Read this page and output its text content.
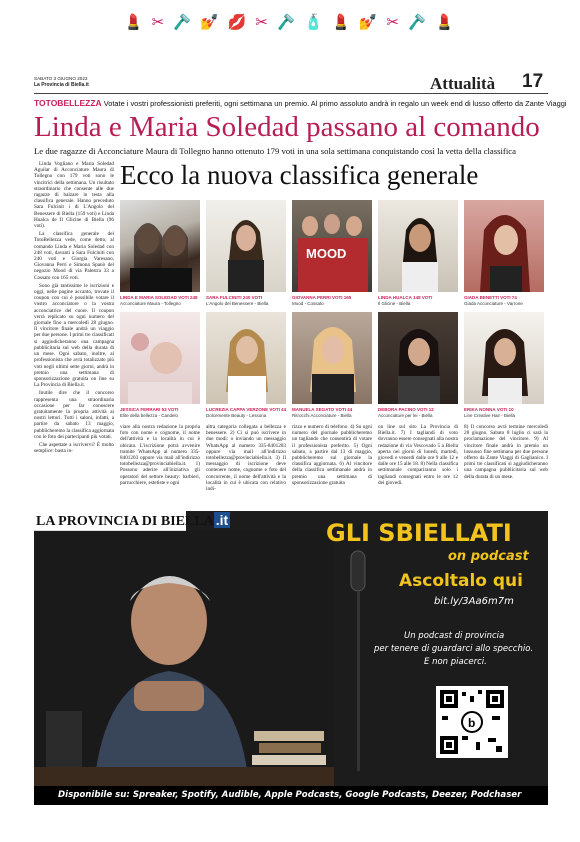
💄 ✂ 🪒 💅 💋 ✂ 🪒 🧴 💄 💅 ✂ 🪒 💄
SABATO 3 GIUGNO 2023
La Provincia di Biella.it	Attualità 17
TOTOBELLEZZA Votate i vostri professionisti preferiti, ogni settimana un premio. Al primo assoluto andrà in regalo un week end di lusso offerto da Zante Viaggi
Linda e Maria Soledad passano al comando
Le due ragazze di Acconciature Maura di Tollegno hanno ottenuto 179 voti in una sola settimana conquistando così la vetta della classifica

Linda Vogliano e Maria Soledad Aguilar di Acconciature Maura di Tollegno con 179 voti sono le vincitrici della settimana. Un risultato straordinario che consente alle due ragazze di balzare in testa alla classifica generale. Hanno preceduto Sara Fulcinit i di L'Angolo del Benessere di Biella (159 voti) e Linda Hualca de Il Glicine di Biella (96 voti).

La classifica generale del TotoBellezza vede, come detto, al comando Linda e Maria Soledad con 248 voti, davanti a Sara Fulciniti con 240 voti e Giorgia Varesano, Giovanna Perri e Simona Spanò del negozio Mood di via Palestra 33 a Cossato con 165 voti.

Sono già tantissime le iscrizioni e oggi, nelle pagine accanto, trovate il coupon con cui è possibile votare il vostro acconciatore o la vostra acconciatrice del cuore. Il coupon verrà replicato su ogni numero del giornale fino a mercoledì 28 giugno. Il vincitore finale andrà un viaggio per due persone. I primi tre classificati si aggiudicheranno una campagna pubblicitaria sul web della durata di un mese. Ogni sabato, inoltre, al professionista che avrà totalizzato più voti negli ultimi sette giorni, andrà in premio una settimana di sponsorizzazione gratuita on line su La Provincia di Biella.it.

Inutile dire che il concorso rappresenta una straordinaria occasione per far conoscere gratuitamente la propria attività ai nostri lettori. Tutti i saloni, infatti, a partire da sabato 13 maggio, pubblicheremo la classifica aggiornata con le foto dei partecipanti più votati.

Che aspettate a iscrivervi? È molto semplice: basta in-

Ecco la nuova classifica generale
MOOD
LINDA E MARIA SOLEDAD VOTI 248
Acconciature Maura - Tollegno
SARA FULCINITI 240 VOTI
L'Angolo del Benessere - Biella
GIOVANNA PERRI VOTI 165
Mood - Cossato
LINDA HUALCA 148 VOTI
Il Glicine - Biella
GIADA BENETTI VOTI 74
Giada Acconciature - Varrone
JESSICA FERRARI 53 VOTI
Elite della bellezza - Candelo
LUCREZIA CAPPA VERZONE VOTI 44
Dolcemente Beauty - Lessona
MANUELA SEGATO VOTI 44
Ritrocchi Acconciature - Biella
DEBORA PACINO VOTI 12
Acconciature per lei - Biella
ERIKA NONNA VOTI 10
Line Creative Hair - Biella

viare alla nostra redazione la propria foto con nome e cognome, il nome dell'attività e la località in cui è ubicata. L'iscrizione potrà avvenire tramite WhatsApp al numero 335-8401203 oppure via mail all'indirizzo totobellezza@provinciabiella.it. 1) Possono aderire all'iniziativa gli operatori del settore beauty: barbieri, parrucchiere, estetiste e ogni

altra categoria collegata a bellezza e benessere. 2) Ci si può iscrivere in due modi: o inviando un messaggio WhatsApp al numero 335-8401203 oppure via mail all'indirizzo totobellezza@provinciabiella.it. 3) Il messaggio di iscrizione deve contenere nome, cognome e foto del concorrente, il nome dell'attività e la località in cui è ubicata con relativo indi-

rizzo e numero di telefono. 4) Su ogni numero del giornale pubblicheremo un tagliando che consentirà di votare il professionista preferito. 5) Ogni sabato, a partire dal 13 di maggio, pubblicheremo sul giornale la classifica aggiornata. 6) Al vincitore della classifica settimanale andrà in premio una settimana di sponsorizzazione gratuita

on line sul sito La Provincia di Biella.it. 7) I tagliandi di voto dovranno essere consegnati alla nostra redazione di via Vescovado 5 a Biella aperta nei giorni di lunedì, martedì, giovedì e venerdì dalle ore 9 alle 12 e dalle ore 15 alle 18. 8) Nella classifica settimanale compariranno solo i tagliandi consegnati entro le ore 12 dei giovedì.

8) Il concorso avrà termine mercoledì 28 giugno. Sabato 8 luglio ci sarà la proclamazione del vincitore. 9) Al vincitore finale andrà in premio un lussuoso fine settimana per due persone offerto da Zante Viaggi di Gaglianico. I primi tre classificati si aggiudicheranno una campagna pubblicitaria sul web della durata di un mese.

LA PROVINCIA DI BIELLA .it	GLI SBIELLATI
on podcast
Ascoltalo qui
bit.ly/3Aa6m7m
Un podcast di provincia
per tenere di guardarci allo specchio.
E non piacerci.
b
Disponibile su: Spreaker, Spotify, Audible, Apple Podcasts, Google Podcasts, Deezer, Podchaser
